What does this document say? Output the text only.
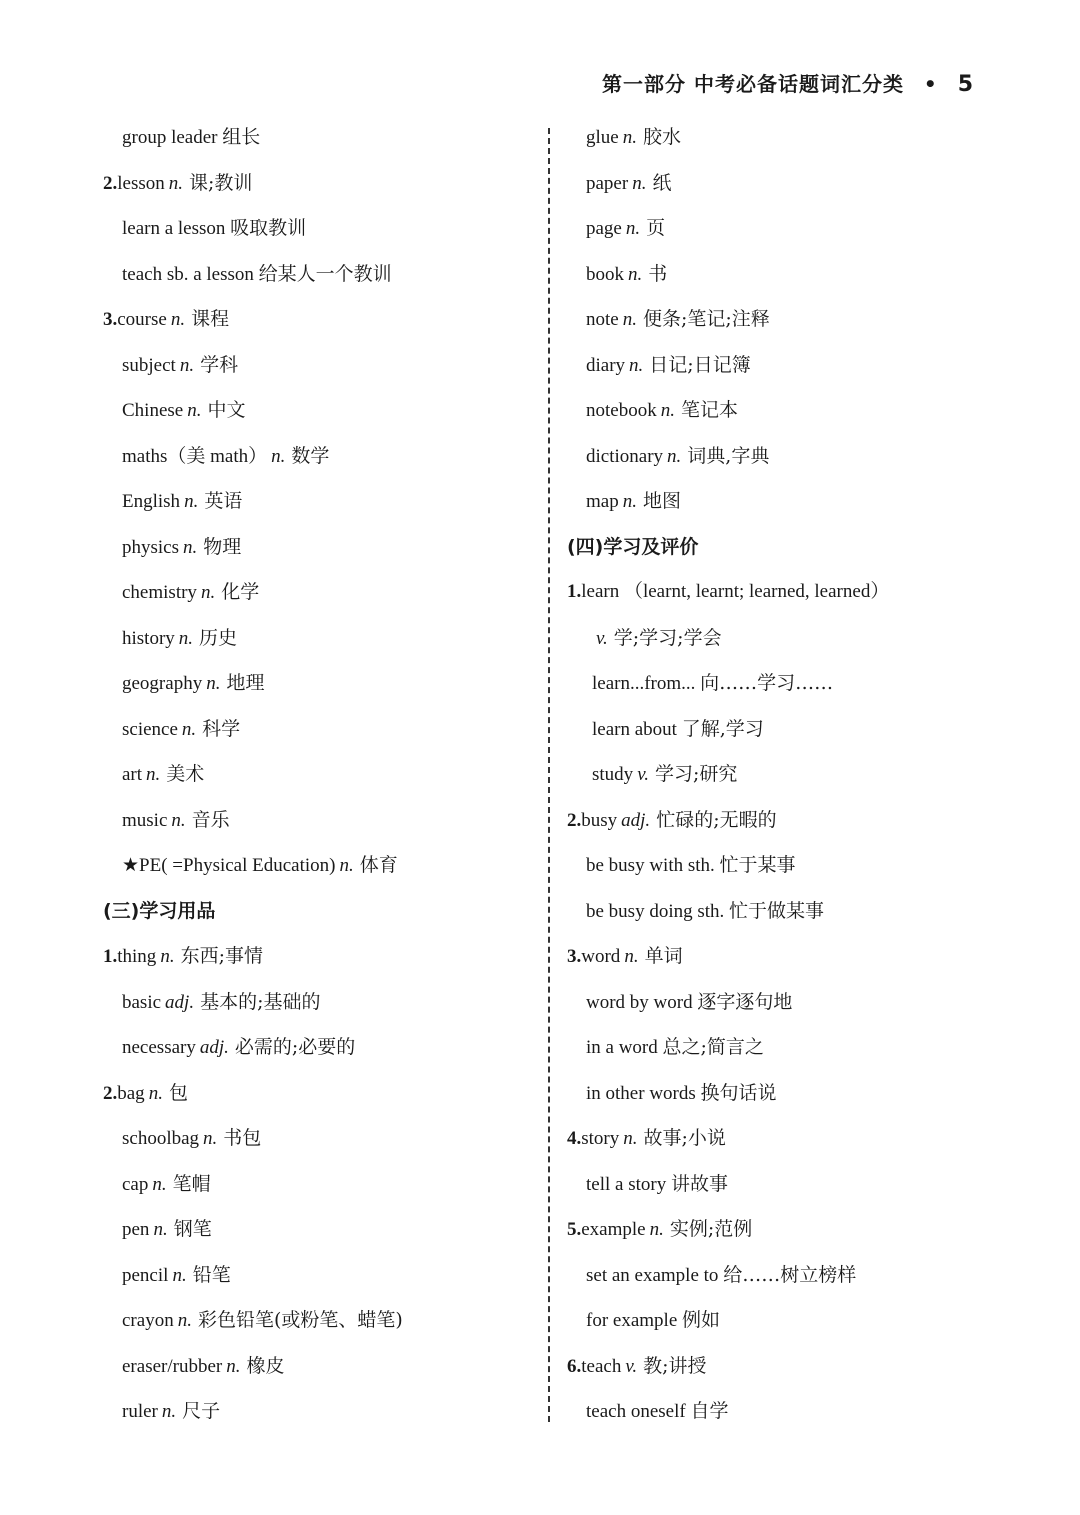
第一部分 中考必备话题词汇分类 • 5
group leader 组长
2.lesson n. 课;教训
learn a lesson 吸取教训
teach sb. a lesson 给某人一个教训
3.course n. 课程
subject n. 学科
Chinese n. 中文
maths（美 math） n. 数学
English n. 英语
physics n. 物理
chemistry n. 化学
history n. 历史
geography n. 地理
science n. 科学
art n. 美术
music n. 音乐
★PE( =Physical Education) n. 体育
(三)学习用品
1.thing n. 东西;事情
basic adj. 基本的;基础的
necessary adj. 必需的;必要的
2.bag n. 包
schoolbag n. 书包
cap n. 笔帽
pen n. 钢笔
pencil n. 铅笔
crayon n. 彩色铅笔(或粉笔、蜡笔)
eraser/rubber n. 橡皮
ruler n. 尺子
glue n. 胶水
paper n. 纸
page n. 页
book n. 书
note n. 便条;笔记;注释
diary n. 日记;日记簿
notebook n. 笔记本
dictionary n. 词典,字典
map n. 地图
(四)学习及评价
1.learn （learnt, learnt; learned, learned）
v. 学;学习;学会
learn...from... 向……学习……
learn about 了解,学习
study v. 学习;研究
2.busy adj. 忙碌的;无暇的
be busy with sth. 忙于某事
be busy doing sth. 忙于做某事
3.word n. 单词
word by word 逐字逐句地
in a word 总之;简言之
in other words 换句话说
4.story n. 故事;小说
tell a story 讲故事
5.example n. 实例;范例
set an example to 给……树立榜样
for example 例如
6.teach v. 教;讲授
teach oneself 自学
